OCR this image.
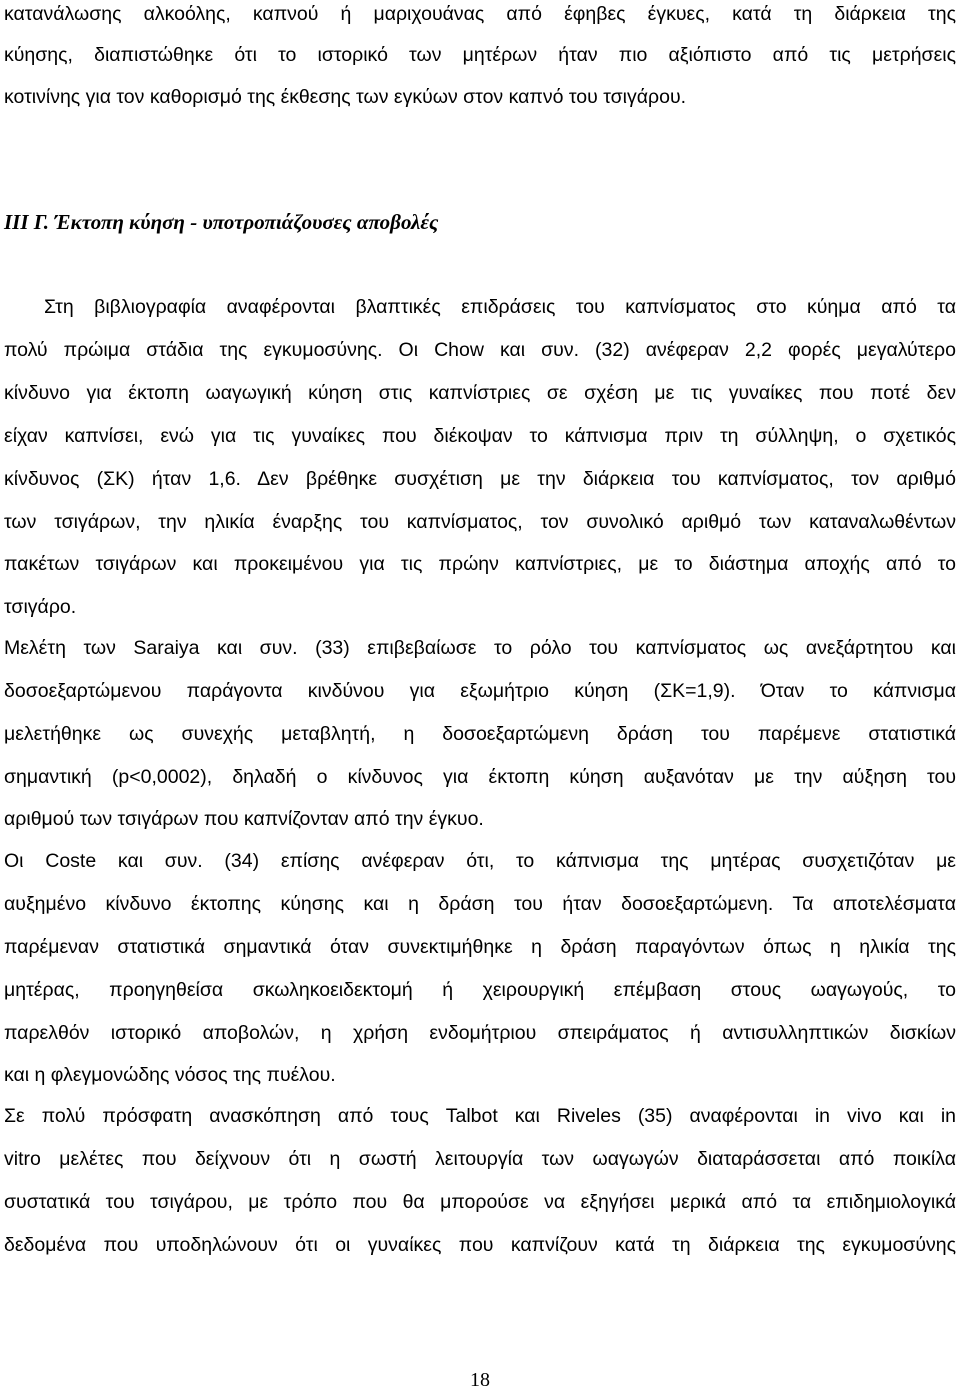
κατανάλωσης αλκοόλης, καπνού ή μαριχουάνας από έφηβες έγκυες, κατά τη διάρκεια της
κύησης, διαπιστώθηκε ότι το ιστορικό των μητέρων ήταν πιο αξιόπιστο από τις μετρήσεις
κοτινίνης για τον καθορισμό της έκθεσης των εγκύων στον καπνό του τσιγάρου.
ΙΙΙ Γ. Έκτοπη κύηση - υποτροπιάζουσες αποβολές
Στη βιβλιογραφία αναφέρονται βλαπτικές επιδράσεις του καπνίσματος στο κύημα από τα
πολύ πρώιμα στάδια της εγκυμοσύνης. Οι Chow και συν. (32) ανέφεραν 2,2 φορές μεγαλύτερο
κίνδυνο για έκτοπη ωαγωγική κύηση στις καπνίστριες σε σχέση με τις γυναίκες που ποτέ δεν
είχαν καπνίσει, ενώ για τις γυναίκες που διέκοψαν το κάπνισμα πριν τη σύλληψη, ο σχετικός
κίνδυνος (ΣΚ) ήταν 1,6. Δεν βρέθηκε συσχέτιση με την διάρκεια του καπνίσματος, τον αριθμό
των τσιγάρων, την ηλικία έναρξης του καπνίσματος, τον συνολικό αριθμό των καταναλωθέντων
πακέτων τσιγάρων και προκειμένου για τις πρώην καπνίστριες, με το διάστημα αποχής από το
τσιγάρο.
Μελέτη των Saraiya και συν. (33) επιβεβαίωσε το ρόλο του καπνίσματος ως ανεξάρτητου και
δοσοεξαρτώμενου παράγοντα κινδύνου για εξωμήτριο κύηση (ΣΚ=1,9). Όταν το κάπνισμα
μελετήθηκε ως συνεχής μεταβλητή, η δοσοεξαρτώμενη δράση του παρέμενε στατιστικά
σημαντική (p<0,0002), δηλαδή ο κίνδυνος για έκτοπη κύηση αυξανόταν με την αύξηση του
αριθμού των τσιγάρων που καπνίζονταν από την έγκυο.
Οι Coste και συν. (34) επίσης ανέφεραν ότι, το κάπνισμα της μητέρας συσχετιζόταν με
αυξημένο κίνδυνο έκτοπης κύησης και η δράση του ήταν δοσοεξαρτώμενη. Τα αποτελέσματα
παρέμεναν στατιστικά σημαντικά όταν συνεκτιμήθηκε η δράση παραγόντων όπως η ηλικία της
μητέρας, προηγηθείσα σκωληκοειδεκτομή ή χειρουργική επέμβαση στους ωαγωγούς, το
παρελθόν ιστορικό αποβολών, η χρήση ενδομήτριου σπειράματος ή αντισυλληπτικών δισκίων
και η φλεγμονώδης νόσος της πυέλου.
Σε πολύ πρόσφατη ανασκόπηση από τους Talbot και Riveles (35) αναφέρονται in vivo και in
vitro μελέτες που δείχνουν ότι η σωστή λειτουργία των ωαγωγών διαταράσσεται από ποικίλα
συστατικά του τσιγάρου, με τρόπο που θα μπορούσε να εξηγήσει μερικά από τα επιδημιολογικά
δεδομένα που υποδηλώνουν ότι οι γυναίκες που καπνίζουν κατά τη διάρκεια της εγκυμοσύνης
18
